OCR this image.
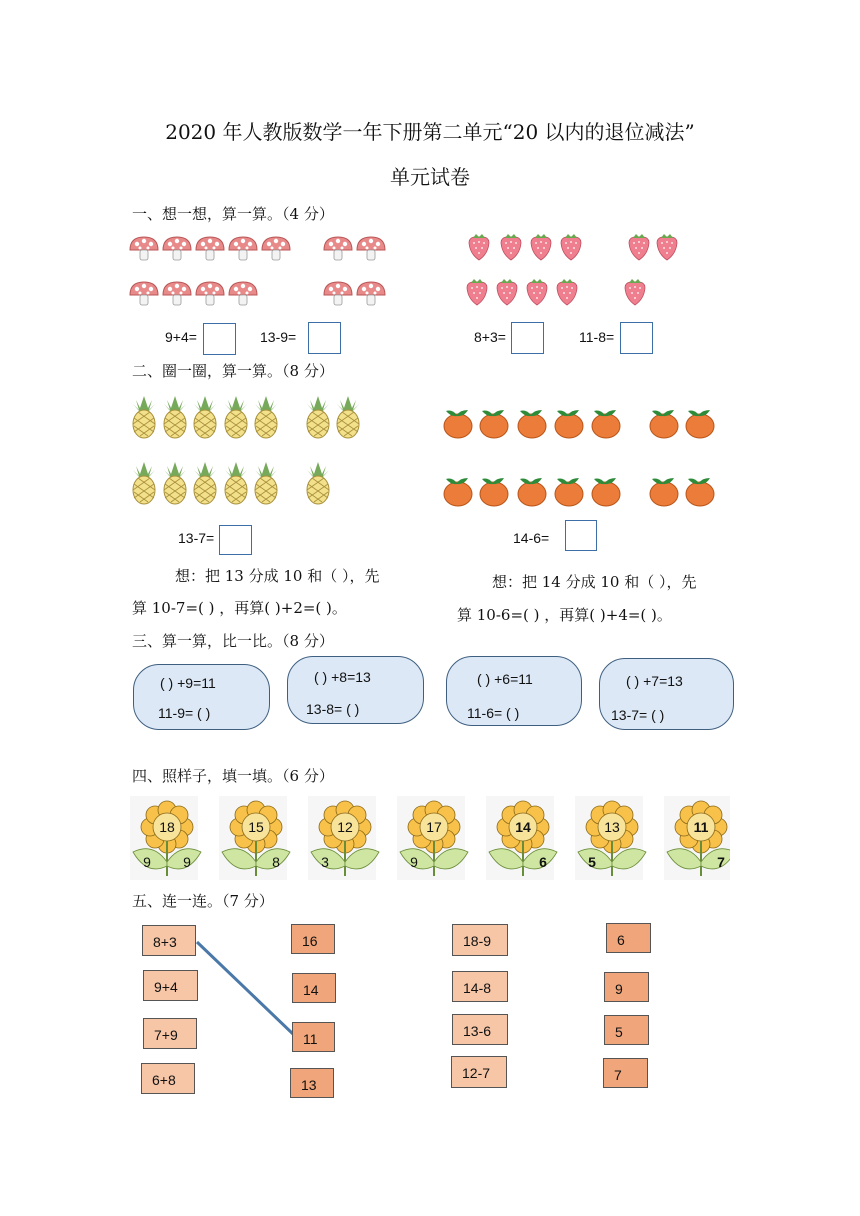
2020 年人教版数学一年下册第二单元“20 以内的退位减法”
单元试卷
一、想一想，算一算。（4 分）
9+4=	13-9=	8+3=	11-8=
二、圈一圈，算一算。（8 分）
13-7=	14-6=
想：把 13 分成 10 和（ ），先
算 10-7=( ) ，再算( )+2=( )。
想：把 14 分成 10 和（ ），先
算 10-6=( ) ，再算( )+4=( )。
三、算一算，比一比。（8 分）
( ) +9=11
11-9= ( )
( ) +8=13
13-8= ( )
( ) +6=11
11-6= ( )
( ) +7=13
13-7= ( )
四、照样子，填一填。（6 分）
18
9 9
15
8
12
3
17
9
14
6
13
5
11
7
五、连一连。（7 分）
8+3
9+4
7+9
6+8
16
14
11
13
18-9
14-8
13-6
12-7
6
9
5
7
